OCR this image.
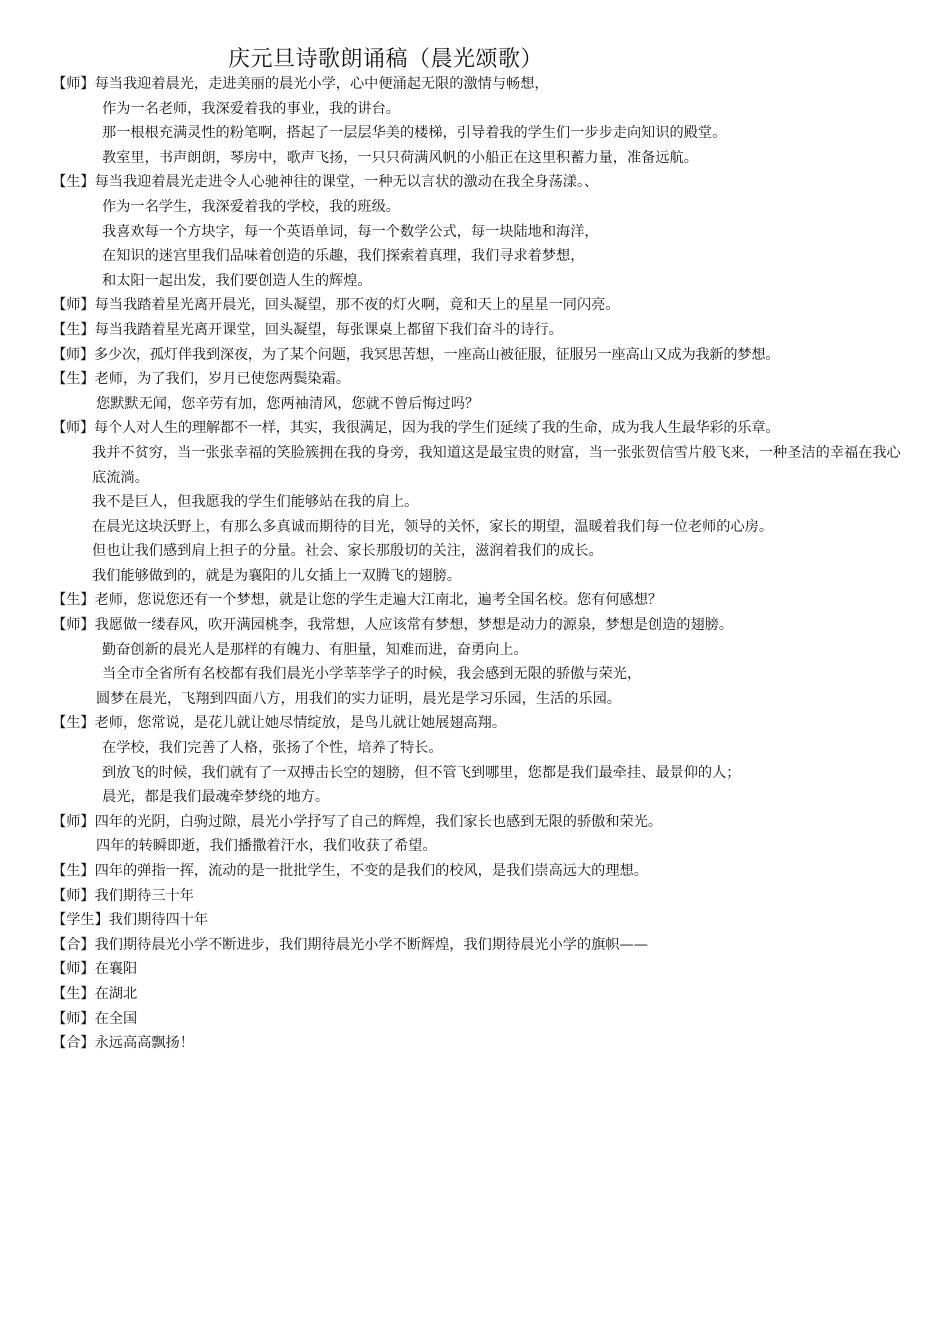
庆元旦诗歌朗诵稿（晨光颂歌）
【师】每当我迎着晨光，走进美丽的晨光小学，心中便涌起无限的激情与畅想，
作为一名老师，我深爱着我的事业，我的讲台。
那一根根充满灵性的粉笔啊，搭起了一层层华美的楼梯，引导着我的学生们一步步走向知识的殿堂。
教室里，书声朗朗，琴房中，歌声飞扬，一只只荷满风帆的小船正在这里积蓄力量，准备远航。
【生】每当我迎着晨光走进令人心驰神往的课堂，一种无以言状的激动在我全身荡漾。、
作为一名学生，我深爱着我的学校，我的班级。
我喜欢每一个方块字，每一个英语单词，每一个数学公式，每一块陆地和海洋，
在知识的迷宫里我们品味着创造的乐趣，我们探索着真理，我们寻求着梦想，
和太阳一起出发，我们要创造人生的辉煌。
【师】每当我踏着星光离开晨光，回头凝望，那不夜的灯火啊，竟和天上的星星一同闪亮。
【生】每当我踏着星光离开课堂，回头凝望，每张课桌上都留下我们奋斗的诗行。
【师】多少次，孤灯伴我到深夜，为了某个问题，我冥思苦想，一座高山被征服，征服另一座高山又成为我新的梦想。
【生】老师，为了我们，岁月已使您两鬓染霜。
您默默无闻，您辛劳有加，您两袖清风，您就不曾后悔过吗？
【师】每个人对人生的理解都不一样，其实，我很满足，因为我的学生们延续了我的生命，成为我人生最华彩的乐章。
我并不贫穷，当一张张幸福的笑脸簇拥在我的身旁，我知道这是最宝贵的财富，当一张张贺信雪片般飞来，一种圣洁的幸福在我心底流淌。
我不是巨人，但我愿我的学生们能够站在我的肩上。
在晨光这块沃野上，有那么多真诚而期待的目光，领导的关怀，家长的期望，温暖着我们每一位老师的心房。
但也让我们感到肩上担子的分量。社会、家长那殷切的关注，滋润着我们的成长。
我们能够做到的，就是为襄阳的儿女插上一双腾飞的翅膀。
【生】老师，您说您还有一个梦想，就是让您的学生走遍大江南北，遍考全国名校。您有何感想？
【师】我愿做一缕春风，吹开满园桃李，我常想，人应该常有梦想，梦想是动力的源泉，梦想是创造的翅膀。
勤奋创新的晨光人是那样的有魄力、有胆量，知难而进，奋勇向上。
当全市全省所有名校都有我们晨光小学莘莘学子的时候，我会感到无限的骄傲与荣光，
圆梦在晨光，飞翔到四面八方，用我们的实力证明，晨光是学习乐园，生活的乐园。
【生】老师，您常说，是花儿就让她尽情绽放，是鸟儿就让她展翅高翔。
在学校，我们完善了人格，张扬了个性，培养了特长。
到放飞的时候，我们就有了一双搏击长空的翅膀，但不管飞到哪里，您都是我们最牵挂、最景仰的人；
晨光，都是我们最魂牵梦绕的地方。
【师】四年的光阴，白驹过隙，晨光小学抒写了自己的辉煌，我们家长也感到无限的骄傲和荣光。
四年的转瞬即逝，我们播撒着汗水，我们收获了希望。
【生】四年的弹指一挥，流动的是一批批学生，不变的是我们的校风，是我们崇高远大的理想。
【师】我们期待三十年
【学生】我们期待四十年
【合】我们期待晨光小学不断进步，我们期待晨光小学不断辉煌，我们期待晨光小学的旗帜——
【师】在襄阳
【生】在湖北
【师】在全国
【合】永远高高飘扬！
